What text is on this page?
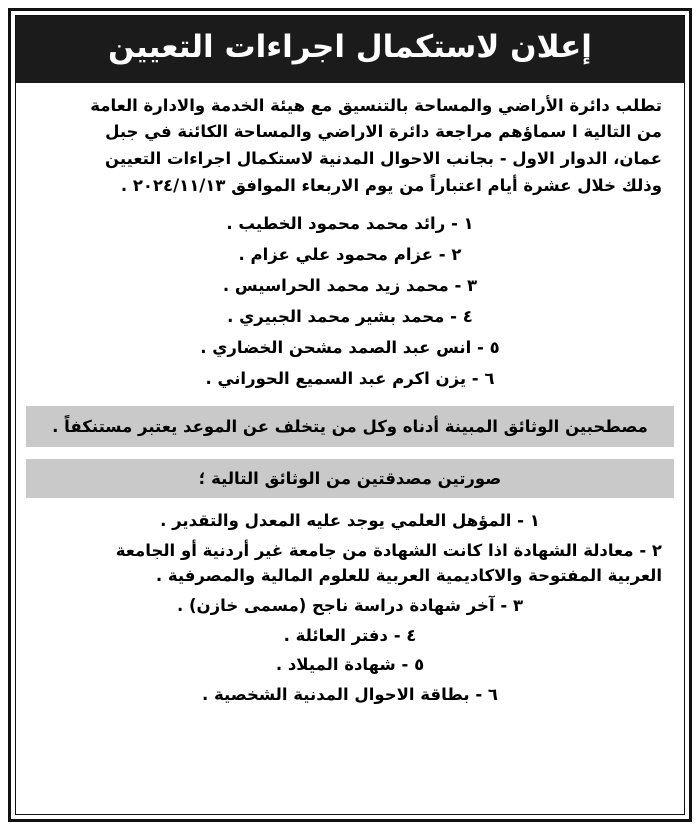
إعلان لاستكمال اجراءات التعيين
تطلب دائرة الأراضي والمساحة بالتنسيق مع هيئة الخدمة والادارة العامة
من التالية ا سماؤهم مراجعة دائرة الاراضي والمساحة الكائنة في جبل
عمان، الدوار الاول - بجانب الاحوال المدنية لاستكمال اجراءات التعيين
وذلك خلال عشرة أيام اعتباراً من يوم الاربعاء الموافق ٢٠٢٤/١١/١٣ .
١ - رائد محمد محمود الخطيب .
٢ - عزام محمود علي عزام .
٣ - محمد زيد محمد الحراسيس .
٤ - محمد بشير محمد الجبيري .
٥ - انس عبد الصمد مشحن الخضاري .
٦ - يزن اكرم عبد السميع الحوراني .
مصطحبين الوثائق المبينة أدناه وكل من يتخلف عن الموعد يعتبر مستنكفاً .
صورتين مصدقتين من الوثائق التالية ؛
١ - المؤهل العلمي يوجد عليه المعدل والتقدير .
٢ - معادلة الشهادة اذا كانت الشهادة من جامعة غير أردنية أو الجامعة
العربية المفتوحة والاكاديمية العربية للعلوم المالية والمصرفية .
٣ - آخر شهادة دراسة ناجح (مسمى خازن) .
٤ - دفتر العائلة .
٥ - شهادة الميلاد .
٦ - بطاقة الاحوال المدنية الشخصية .
